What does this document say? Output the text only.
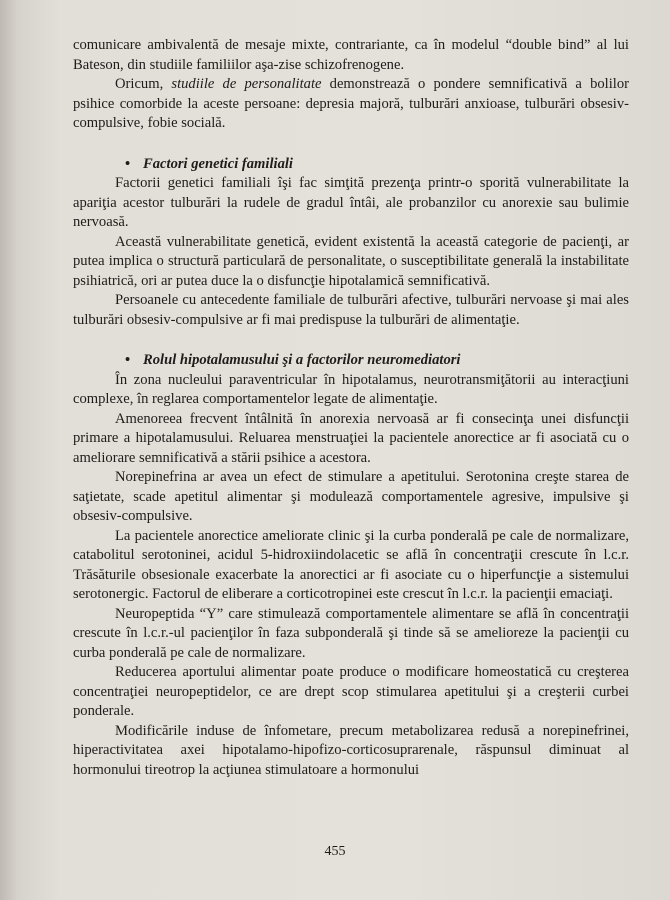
comunicare ambivalentă de mesaje mixte, contrariante, ca în modelul “double bind” al lui Bateson, din studiile familiilor aşa-zise schizofrenogene.

Oricum, studiile de personalitate demonstrează o pondere semnificativă a bolilor psihice comorbide la aceste persoane: depresia majoră, tulburări anxioase, tulburări obsesiv-compulsive, fobie socială.

• Factori genetici familiali

Factorii genetici familiali îşi fac simţită prezenţa printr-o sporită vulnerabilitate la apariţia acestor tulburări la rudele de gradul întâi, ale probanzilor cu anorexie sau bulimie nervoasă.

Această vulnerabilitate genetică, evident existentă la această categorie de pacienţi, ar putea implica o structură particulară de personalitate, o susceptibilitate generală la instabilitate psihiatrică, ori ar putea duce la o disfuncţie hipotalamică semnificativă.

Persoanele cu antecedente familiale de tulburări afective, tulburări nervoase şi mai ales tulburări obsesiv-compulsive ar fi mai predispuse la tulburări de alimentaţie.

• Rolul hipotalamusului şi a factorilor neuromediatori

În zona nucleului paraventricular în hipotalamus, neurotransmiţătorii au interacţiuni complexe, în reglarea comportamentelor legate de alimentaţie.

Amenoreea frecvent întâlnită în anorexia nervoasă ar fi consecinţa unei disfuncţii primare a hipotalamusului. Reluarea menstruaţiei la pacientele anorectice ar fi asociată cu o ameliorare semnificativă a stării psihice a acestora.

Norepinefrina ar avea un efect de stimulare a apetitului. Serotonina creşte starea de saţietate, scade apetitul alimentar şi modulează comportamentele agresive, impulsive şi obsesiv-compulsive.

La pacientele anorectice ameliorate clinic şi la curba ponderală pe cale de normalizare, catabolitul serotoninei, acidul 5-hidroxiindolacetic se află în concentraţii crescute în l.c.r. Trăsăturile obsesionale exacerbate la anorectici ar fi asociate cu o hiperfuncţie a sistemului serotonergic. Factorul de eliberare a corticotropinei este crescut în l.c.r. la pacienţii emaciaţi.

Neuropeptida “Y” care stimulează comportamentele alimentare se află în concentraţii crescute în l.c.r.-ul pacienţilor în faza subponderală şi tinde să se amelioreze la pacienţii cu curba ponderală pe cale de normalizare.

Reducerea aportului alimentar poate produce o modificare homeostatică cu creşterea concentraţiei neuropeptidelor, ce are drept scop stimularea apetitului şi a creşterii curbei ponderale.

Modificările induse de înfometare, precum metabolizarea redusă a norepinefrinei, hiperactivitatea axei hipotalamo-hipofizo-corticosuprarenale, răspunsul diminuat al hormonului tireotrop la acţiunea stimulatoare a hormonului

455
